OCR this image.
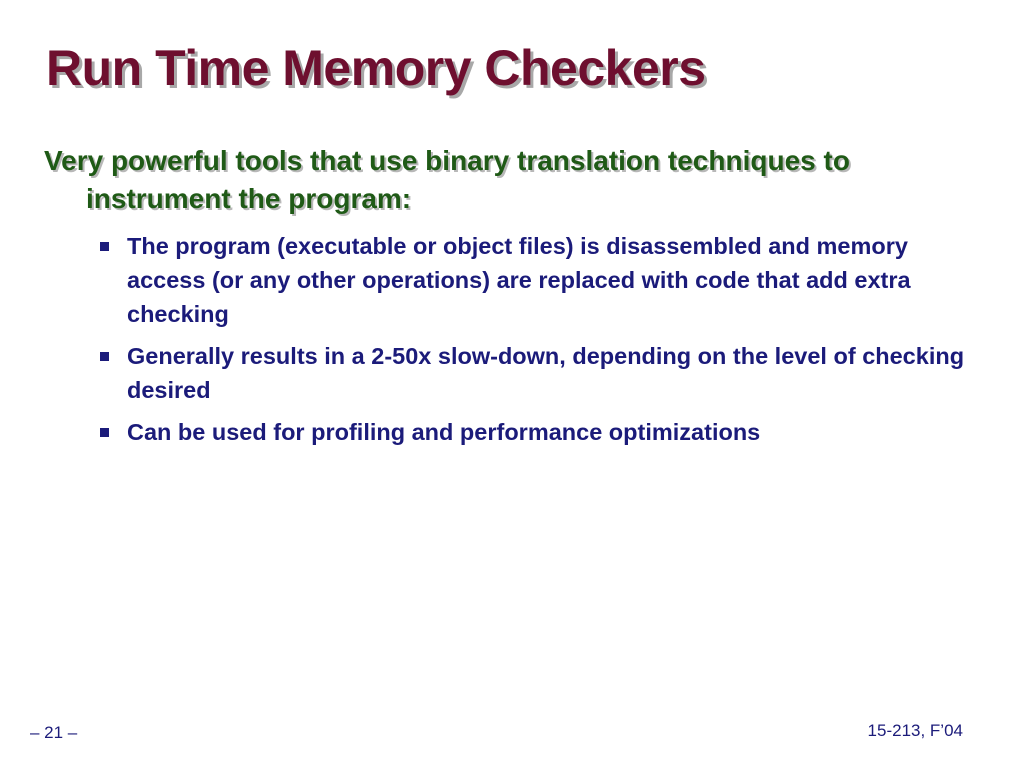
Run Time Memory Checkers

Very powerful tools that use binary translation techniques to instrument the program:

The program (executable or object files) is disassembled and memory access (or any other operations) are replaced with code that add extra checking
Generally results in a 2-50x slow-down, depending on the level of checking desired
Can be used for profiling and performance optimizations
– 21 –	15-213, F’04
